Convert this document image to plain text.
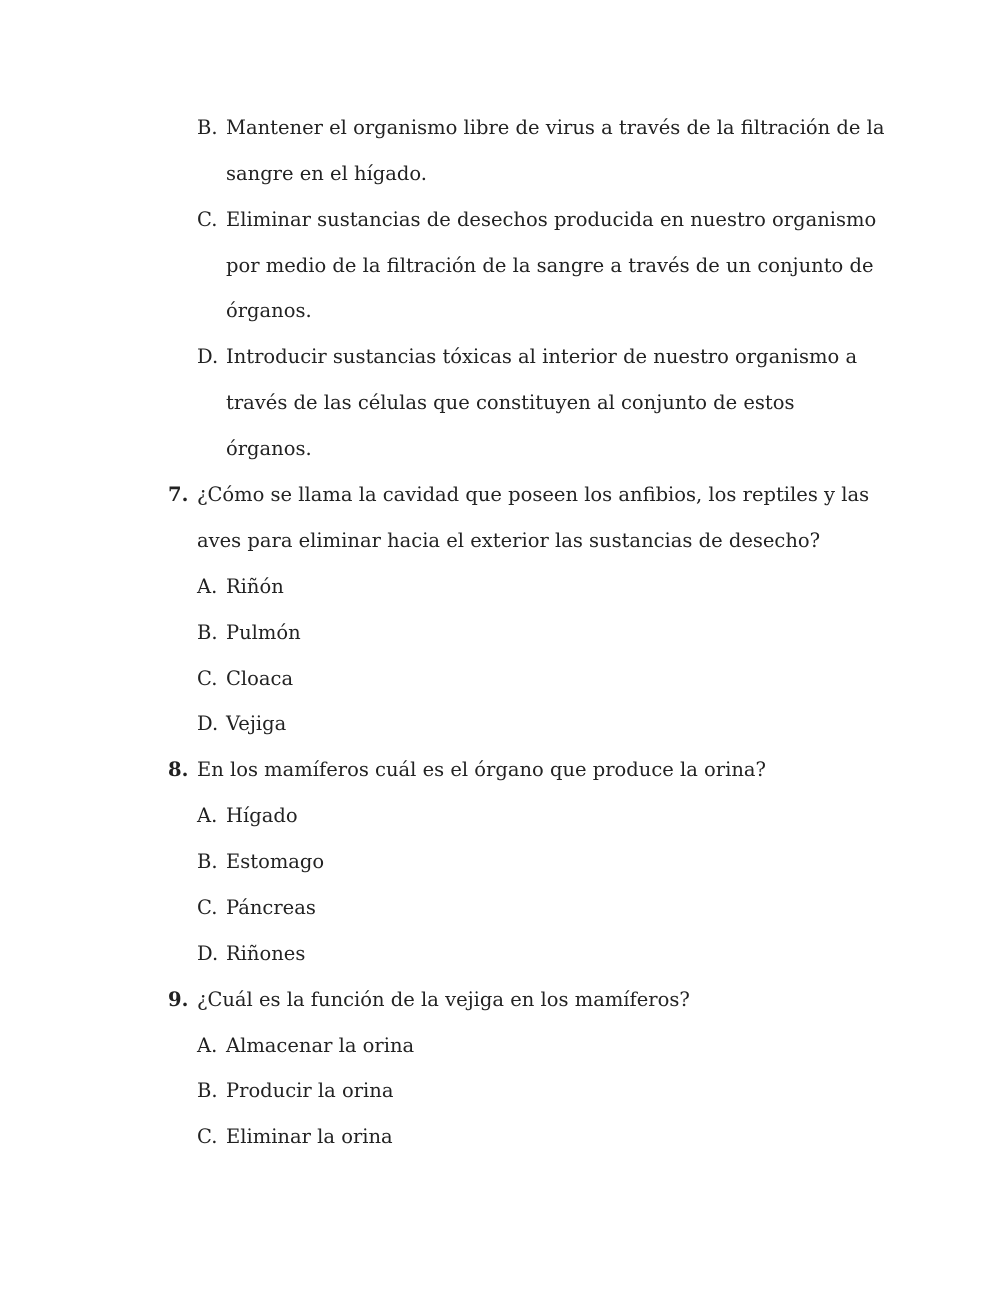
B. Mantener el organismo libre de virus a través de la filtración de la
sangre en el hígado.
C. Eliminar sustancias de desechos producida en nuestro organismo
por medio de la filtración de la sangre a través de un conjunto de
órganos.
D. Introducir sustancias tóxicas al interior de nuestro organismo a
través de las células que constituyen al conjunto de estos
órganos.
7. ¿Cómo se llama la cavidad que poseen los anfibios, los reptiles y las
aves para eliminar hacia el exterior las sustancias de desecho?
A. Riñón
B. Pulmón
C. Cloaca
D. Vejiga
8. En los mamíferos cuál es el órgano que produce la orina?
A. Hígado
B. Estomago
C. Páncreas
D. Riñones
9. ¿Cuál es la función de la vejiga en los mamíferos?
A. Almacenar la orina
B. Producir la orina
C. Eliminar la orina
